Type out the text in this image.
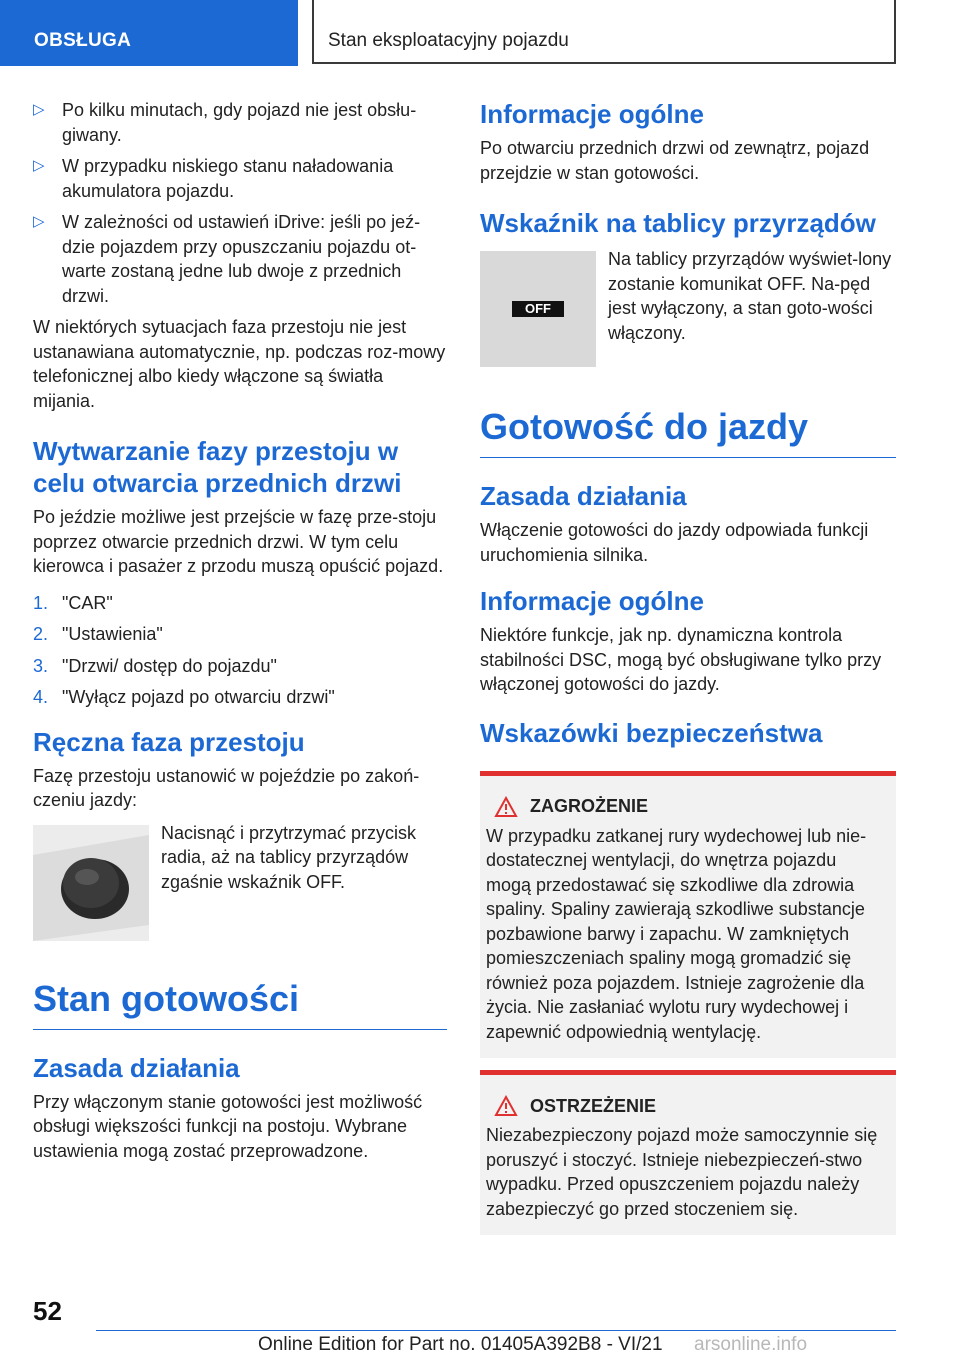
OBSŁUGA	Stan eksploatacyjny pojazdu
▷ Po kilku minutach, gdy pojazd nie jest obsłu-giwany.
▷ W przypadku niskiego stanu naładowania akumulatora pojazdu.
▷ W zależności od ustawień iDrive: jeśli po jeź-dzie pojazdem przy opuszczaniu pojazdu ot-warte zostaną jedne lub dwoje z przednich drzwi.

W niektórych sytuacjach faza przestoju nie jest ustanawiana automatycznie, np. podczas roz-mowy telefonicznej albo kiedy włączone są światła mijania.

Wytwarzanie fazy przestoju w celu otwarcia przednich drzwi

Po jeździe możliwe jest przejście w fazę prze-stoju poprzez otwarcie przednich drzwi. W tym celu kierowca i pasażer z przodu muszą opuścić pojazd.

1. "CAR"
2. "Ustawienia"
3. "Drzwi/ dostęp do pojazdu"
4. "Wyłącz pojazd po otwarciu drzwi"
Ręczna faza przestoju

Fazę przestoju ustanowić w pojeździe po zakoń-czeniu jazdy:

Nacisnąć i przytrzymać przycisk radia, aż na tablicy przyrządów zgaśnie wskaźnik OFF.

Stan gotowości
Zasada działania

Przy włączonym stanie gotowości jest możliwość obsługi większości funkcji na postoju. Wybrane ustawienia mogą zostać przeprowadzone.

Informacje ogólne

Po otwarciu przednich drzwi od zewnątrz, pojazd przejdzie w stan gotowości.

Wskaźnik na tablicy przyrządów
OFF

Na tablicy przyrządów wyświet-lony zostanie komunikat OFF. Na-pęd jest wyłączony, a stan goto-wości włączony.

Gotowość do jazdy
Zasada działania

Włączenie gotowości do jazdy odpowiada funkcji uruchomienia silnika.

Informacje ogólne

Niektóre funkcje, jak np. dynamiczna kontrola stabilności DSC, mogą być obsługiwane tylko przy włączonej gotowości do jazdy.

Wskazówki bezpieczeństwa
ZAGROŻENIE

W przypadku zatkanej rury wydechowej lub nie-dostatecznej wentylacji, do wnętrza pojazdu mogą przedostawać się szkodliwe dla zdrowia spaliny. Spaliny zawierają szkodliwe substancje pozbawione barwy i zapachu. W zamkniętych pomieszczeniach spaliny mogą gromadzić się również poza pojazdem. Istnieje zagrożenie dla życia. Nie zasłaniać wylotu rury wydechowej i zapewnić odpowiednią wentylację.

OSTRZEŻENIE

Niezabezpieczony pojazd może samoczynnie się poruszyć i stoczyć. Istnieje niebezpieczeń-stwo wypadku. Przed opuszczeniem pojazdu należy zabezpieczyć go przed stoczeniem się.

52
Online Edition for Part no. 01405A392B8 - VI/21 arsonline.info
